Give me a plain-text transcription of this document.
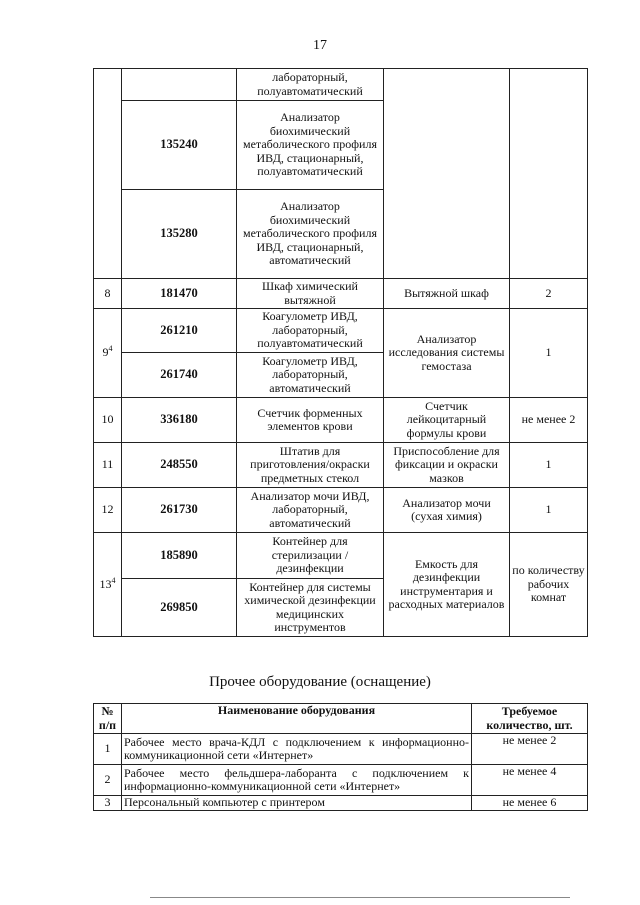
17
		лабораторный, полуавтоматический		
	135240	Анализатор биохимический метаболического профиля ИВД, стационарный, полуавтоматический		
	135280	Анализатор биохимический метаболического профиля ИВД, стационарный, автоматический		
8	181470	Шкаф химический вытяжной	Вытяжной шкаф	2
$9^4$	261210	Коагулометр ИВД, лабораторный, полуавтоматический	Анализатор исследования системы гемостаза	1
	261740	Коагулометр ИВД, лабораторный, автоматический		
10	336180	Счетчик форменных элементов крови	Счетчик лейкоцитарный формулы крови	не менее 2
11	248550	Штатив для приготовления/окраски предметных стекол	Приспособление для фиксации и окраски мазков	1
12	261730	Анализатор мочи ИВД, лабораторный, автоматический	Анализатор мочи (сухая химия)	1
$13^4$	185890	Контейнер для стерилизации /дезинфекции	Емкость для дезинфекции инструментария и расходных материалов	по количеству рабочих комнат
	269850	Контейнер для системы химической дезинфекции медицинских инструментов		
Прочее оборудование (оснащение)
№ п/п	Наименование оборудования	Требуемое количество, шт.
1	Рабочее место врача-КДЛ с подключением к информационно-коммуникационной сети «Интернет»	не менее 2
2	Рабочее место фельдшера-лаборанта с подключением к информационно-коммуникационной сети «Интернет»	не менее 4
3	Персональный компьютер с принтером	не менее 6
